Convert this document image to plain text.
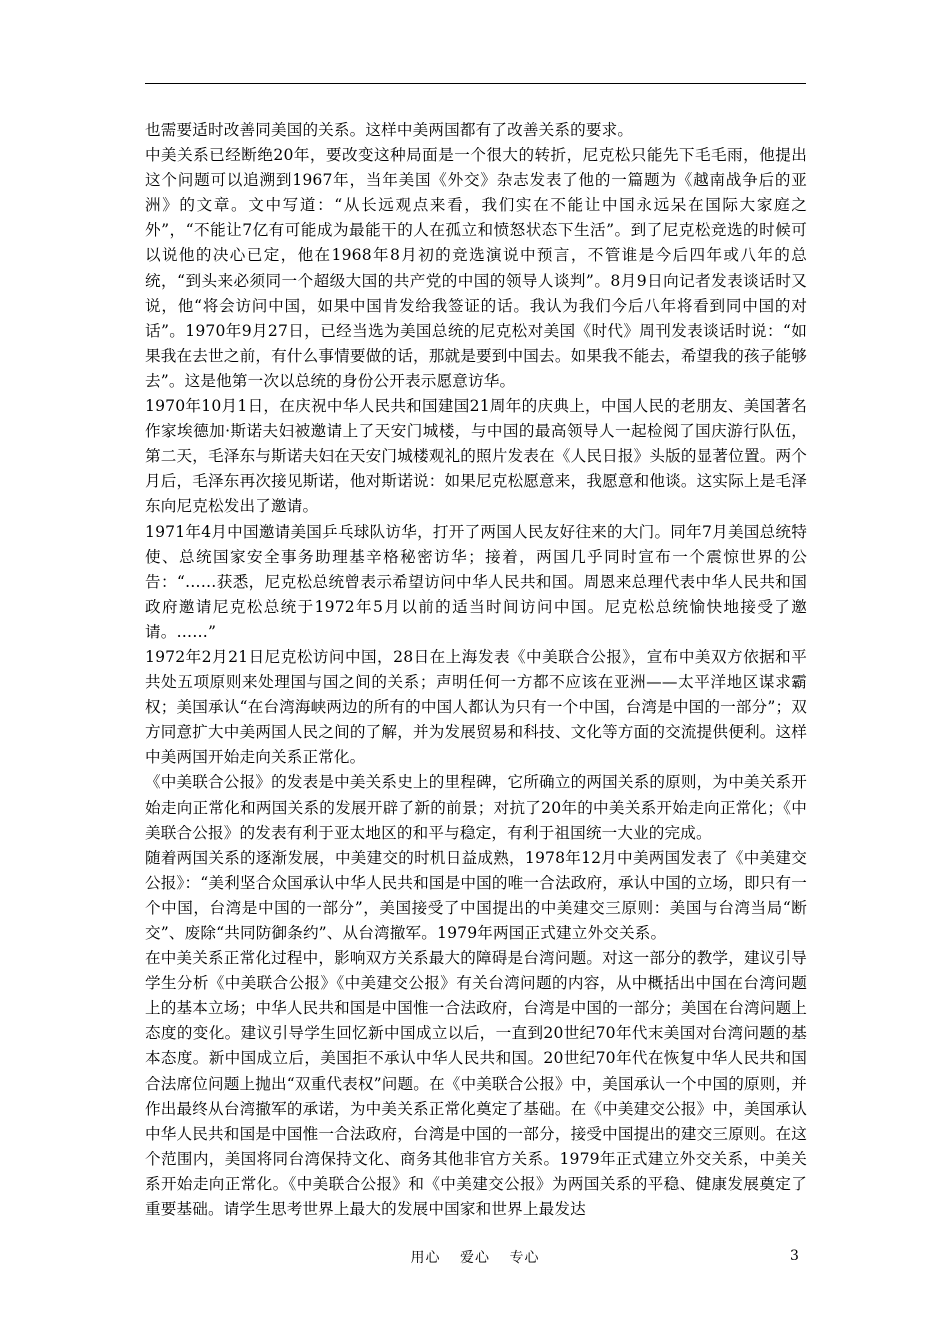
也需要适时改善同美国的关系。这样中美两国都有了改善关系的要求。

中美关系已经断绝20年，要改变这种局面是一个很大的转折，尼克松只能先下毛毛雨，他提出这个问题可以追溯到1967年，当年美国《外交》杂志发表了他的一篇题为《越南战争后的亚洲》的文章。文中写道：“从长远观点来看，我们实在不能让中国永远呆在国际大家庭之外”，“不能让7亿有可能成为最能干的人在孤立和愤怒状态下生活”。到了尼克松竞选的时候可以说他的决心已定，他在1968年8月初的竞选演说中预言，不管谁是今后四年或八年的总统，“到头来必须同一个超级大国的共产党的中国的领导人谈判”。8月9日向记者发表谈话时又说，他“将会访问中国，如果中国肯发给我签证的话。我认为我们今后八年将看到同中国的对话”。1970年9月27日，已经当选为美国总统的尼克松对美国《时代》周刊发表谈话时说：“如果我在去世之前，有什么事情要做的话，那就是要到中国去。如果我不能去，希望我的孩子能够去”。这是他第一次以总统的身份公开表示愿意访华。

1970年10月1日，在庆祝中华人民共和国建国21周年的庆典上，中国人民的老朋友、美国著名作家埃德加·斯诺夫妇被邀请上了天安门城楼，与中国的最高领导人一起检阅了国庆游行队伍，第二天，毛泽东与斯诺夫妇在天安门城楼观礼的照片发表在《人民日报》头版的显著位置。两个月后，毛泽东再次接见斯诺，他对斯诺说：如果尼克松愿意来，我愿意和他谈。这实际上是毛泽东向尼克松发出了邀请。

1971年4月中国邀请美国乒乓球队访华，打开了两国人民友好往来的大门。同年7月美国总统特使、总统国家安全事务助理基辛格秘密访华；接着，两国几乎同时宣布一个震惊世界的公告：“……获悉，尼克松总统曾表示希望访问中华人民共和国。周恩来总理代表中华人民共和国政府邀请尼克松总统于1972年5月以前的适当时间访问中国。尼克松总统愉快地接受了邀请。……”

1972年2月21日尼克松访问中国，28日在上海发表《中美联合公报》，宣布中美双方依据和平共处五项原则来处理国与国之间的关系；声明任何一方都不应该在亚洲——太平洋地区谋求霸权；美国承认“在台湾海峡两边的所有的中国人都认为只有一个中国，台湾是中国的一部分”；双方同意扩大中美两国人民之间的了解，并为发展贸易和科技、文化等方面的交流提供便利。这样中美两国开始走向关系正常化。

《中美联合公报》的发表是中美关系史上的里程碑，它所确立的两国关系的原则，为中美关系开始走向正常化和两国关系的发展开辟了新的前景；对抗了20年的中美关系开始走向正常化；《中美联合公报》的发表有利于亚太地区的和平与稳定，有利于祖国统一大业的完成。

随着两国关系的逐渐发展，中美建交的时机日益成熟，1978年12月中美两国发表了《中美建交公报》：“美利坚合众国承认中华人民共和国是中国的唯一合法政府，承认中国的立场，即只有一个中国，台湾是中国的一部分”，美国接受了中国提出的中美建交三原则：美国与台湾当局“断交”、废除“共同防御条约”、从台湾撤军。1979年两国正式建立外交关系。

在中美关系正常化过程中，影响双方关系最大的障碍是台湾问题。对这一部分的教学，建议引导学生分析《中美联合公报》《中美建交公报》有关台湾问题的内容，从中概括出中国在台湾问题上的基本立场；中华人民共和国是中国惟一合法政府，台湾是中国的一部分；美国在台湾问题上态度的变化。建议引导学生回忆新中国成立以后，一直到20世纪70年代末美国对台湾问题的基本态度。新中国成立后，美国拒不承认中华人民共和国。20世纪70年代在恢复中华人民共和国合法席位问题上抛出“双重代表权”问题。在《中美联合公报》中，美国承认一个中国的原则，并作出最终从台湾撤军的承诺，为中美关系正常化奠定了基础。在《中美建交公报》中，美国承认中华人民共和国是中国惟一合法政府，台湾是中国的一部分，接受中国提出的建交三原则。在这个范围内，美国将同台湾保持文化、商务其他非官方关系。1979年正式建立外交关系，中美关系开始走向正常化。《中美联合公报》和《中美建交公报》为两国关系的平稳、健康发展奠定了重要基础。请学生思考世界上最大的发展中国家和世界上最发达

用心 爱心 专心	3
